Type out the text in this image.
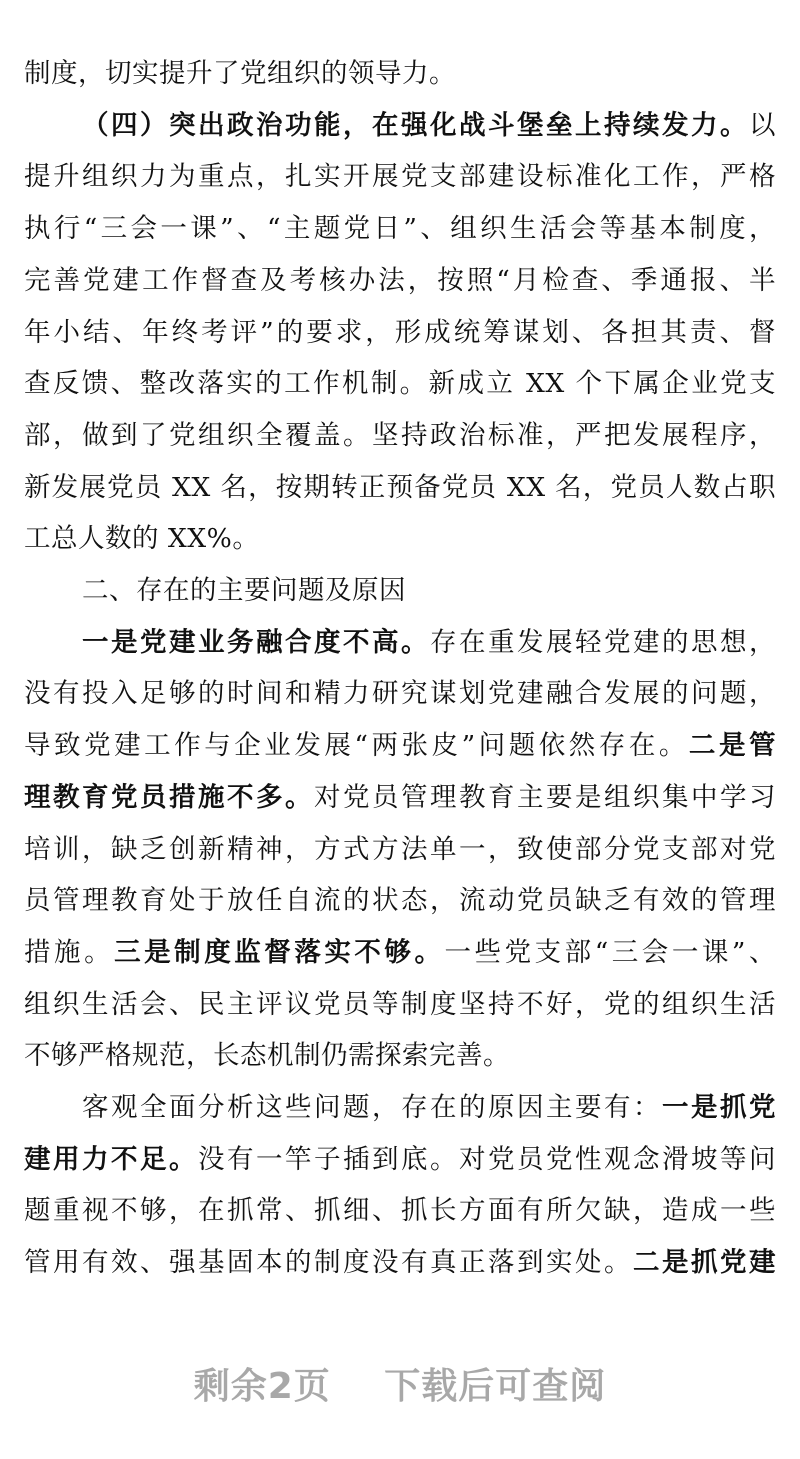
制度，切实提升了党组织的领导力。
（四）突出政治功能，在强化战斗堡垒上持续发力。以
提升组织力为重点，扎实开展党支部建设标准化工作，严格
执行“三会一课”、“主题党日”、组织生活会等基本制度，
完善党建工作督查及考核办法，按照“月检查、季通报、半
年小结、年终考评”的要求，形成统筹谋划、各担其责、督
查反馈、整改落实的工作机制。新成立 XX 个下属企业党支
部，做到了党组织全覆盖。坚持政治标准，严把发展程序，
新发展党员 XX 名，按期转正预备党员 XX 名，党员人数占职
工总人数的 XX%。
二、存在的主要问题及原因
一是党建业务融合度不高。存在重发展轻党建的思想，
没有投入足够的时间和精力研究谋划党建融合发展的问题，
导致党建工作与企业发展“两张皮”问题依然存在。二是管
理教育党员措施不多。对党员管理教育主要是组织集中学习
培训，缺乏创新精神，方式方法单一，致使部分党支部对党
员管理教育处于放任自流的状态，流动党员缺乏有效的管理
措施。三是制度监督落实不够。一些党支部“三会一课”、
组织生活会、民主评议党员等制度坚持不好，党的组织生活
不够严格规范，长态机制仍需探索完善。
客观全面分析这些问题，存在的原因主要有：一是抓党
建用力不足。没有一竿子插到底。对党员党性观念滑坡等问
题重视不够，在抓常、抓细、抓长方面有所欠缺，造成一些
管用有效、强基固本的制度没有真正落到实处。二是抓党建
剩余2页 下载后可查阅
